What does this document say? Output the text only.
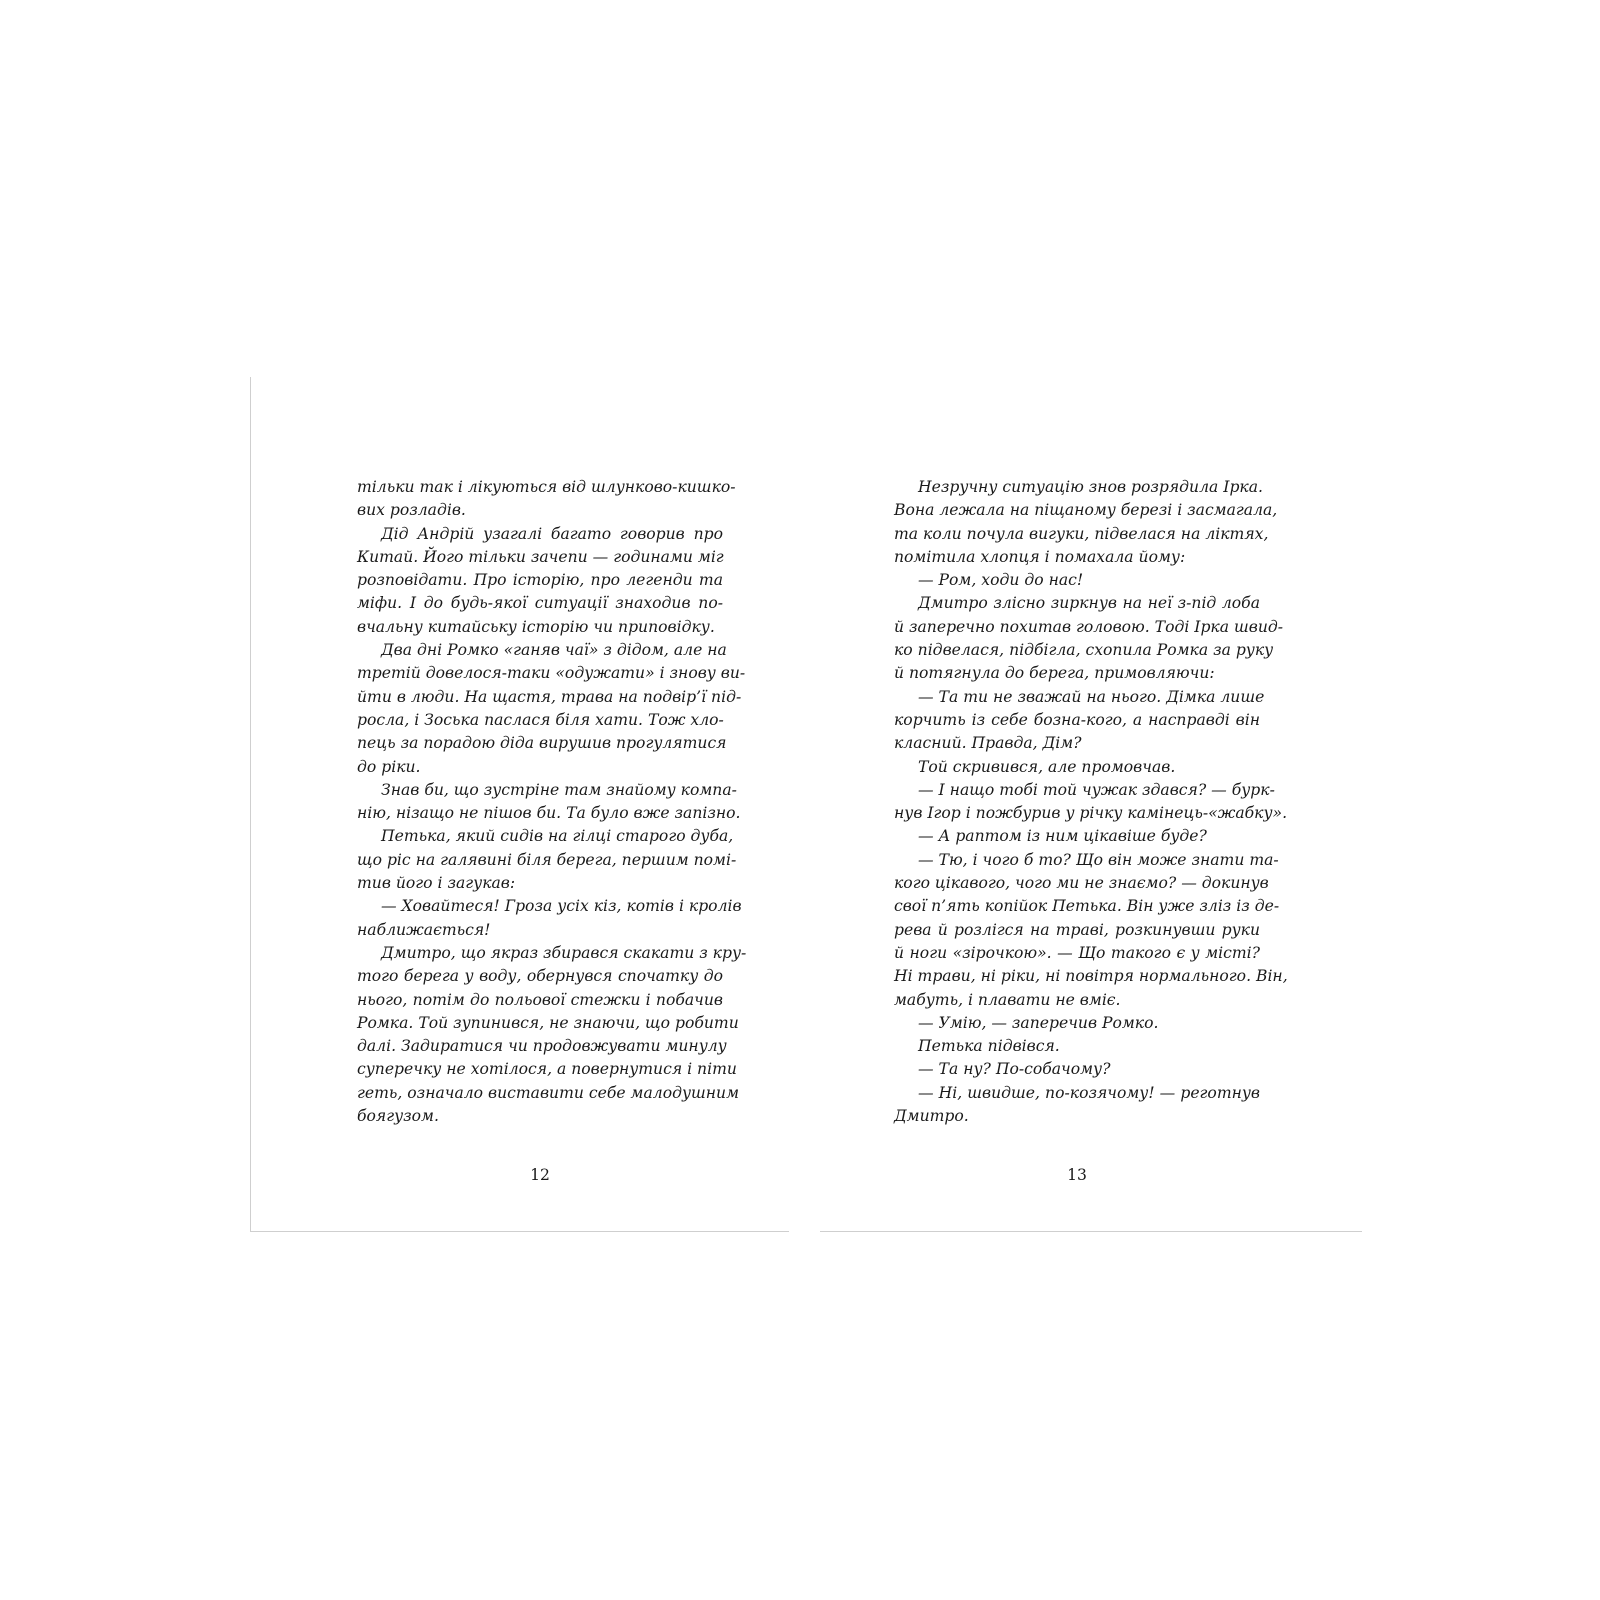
тільки так і лікуються від шлунково-кишко-
вих розладів.
Дід Андрій узагалі багато говорив про
Китай. Його тільки зачепи — годинами міг
розповідати. Про історію, про легенди та
міфи. І до будь-якої ситуації знаходив по-
вчальну китайську історію чи приповідку.
Два дні Ромко «ганяв чаї» з дідом, але на
третій довелося-таки «одужати» і знову ви-
йти в люди. На щастя, трава на подвір’ї під-
росла, і Зоська паслася біля хати. Тож хло-
пець за порадою діда вирушив прогулятися
до ріки.
Знав би, що зустріне там знайому компа-
нію, нізащо не пішов би. Та було вже запізно.
Петька, який сидів на гілці старого дуба,
що ріс на галявині біля берега, першим помі-
тив його і загукав:
— Ховайтеся! Гроза усіх кіз, котів і кролів
наближається!
Дмитро, що якраз збирався скакати з кру-
того берега у воду, обернувся спочатку до
нього, потім до польової стежки і побачив
Ромка. Той зупинився, не знаючи, що робити
далі. Задиратися чи продовжувати минулу
суперечку не хотілося, а повернутися і піти
геть, означало виставити себе малодушним
боягузом.
Незручну ситуацію знов розрядила Ірка.
Вона лежала на піщаному березі і засмагала,
та коли почула вигуки, підвелася на ліктях,
помітила хлопця і помахала йому:
— Ром, ходи до нас!
Дмитро злісно зиркнув на неї з-під лоба
й заперечно похитав головою. Тоді Ірка швид-
ко підвелася, підбігла, схопила Ромка за руку
й потягнула до берега, примовляючи:
— Та ти не зважай на нього. Дімка лише
корчить із себе бозна-кого, а насправді він
класний. Правда, Дім?
Той скривився, але промовчав.
— І нащо тобі той чужак здався? — бурк-
нув Ігор і пожбурив у річку камінець-«жабку».
— А раптом із ним цікавіше буде?
— Тю, і чого б то? Що він може знати та-
кого цікавого, чого ми не знаємо? — докинув
свої п’ять копійок Петька. Він уже зліз із де-
рева й розлігся на траві, розкинувши руки
й ноги «зірочкою». — Що такого є у місті?
Ні трави, ні ріки, ні повітря нормального. Він,
мабуть, і плавати не вміє.
— Умію, — заперечив Ромко.
Петька підвівся.
— Та ну? По-собачому?
— Ні, швидше, по-козячому! — реготнув
Дмитро.
12	13
